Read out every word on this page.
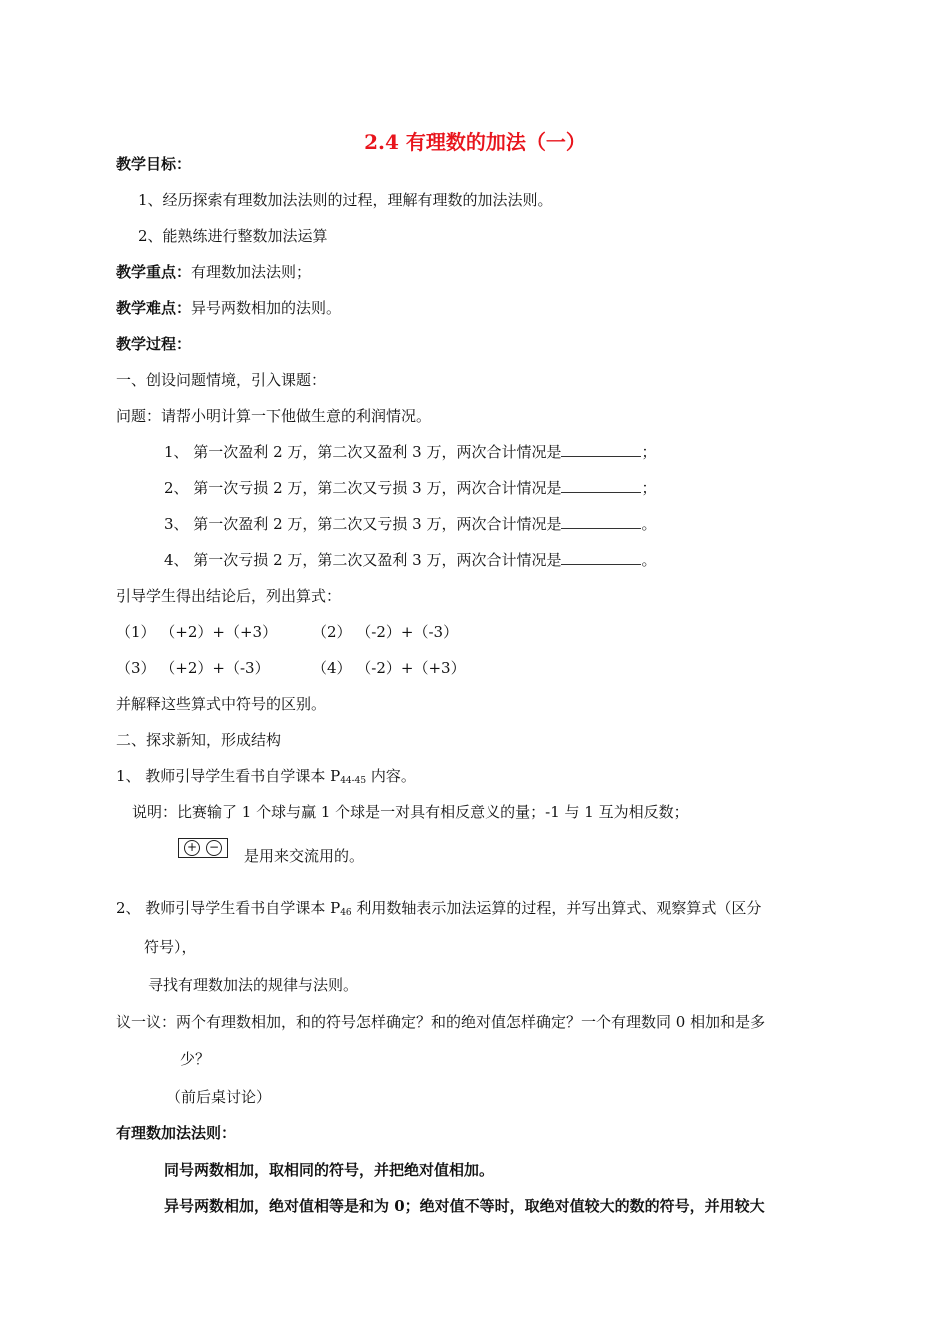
2.4 有理数的加法（一）
教学目标：
1、经历探索有理数加法法则的过程，理解有理数的加法法则。
2、能熟练进行整数加法运算
教学重点：有理数加法法则；
教学难点：异号两数相加的法则。
教学过程：
一、创设问题情境，引入课题：
问题：请帮小明计算一下他做生意的利润情况。
1、 第一次盈利 2 万，第二次又盈利 3 万，两次合计情况是	；
2、 第一次亏损 2 万，第二次又亏损 3 万，两次合计情况是	；
3、 第一次盈利 2 万，第二次又亏损 3 万，两次合计情况是	。
4、 第一次亏损 2 万，第二次又盈利 3 万，两次合计情况是	。
引导学生得出结论后，列出算式：
（1） （+2）+（+3） （2） （-2）+（-3）
（3） （+2）+（-3）	（4） （-2）+（+3）
并解释这些算式中符号的区别。
二、探求新知，形成结构
1、 教师引导学生看书自学课本 $P_{44-45}$ 内容。
说明：比赛输了 1 个球与赢 1 个球是一对具有相反意义的量；-1 与 1 互为相反数；
+ − 是用来交流用的。
2、 教师引导学生看书自学课本 $P_{46}$ 利用数轴表示加法运算的过程，并写出算式、观察算式（区分
符号），
寻找有理数加法的规律与法则。
议一议：两个有理数相加，和的符号怎样确定？和的绝对值怎样确定？一个有理数同 0 相加和是多
少？
（前后桌讨论）
有理数加法法则：
同号两数相加，取相同的符号，并把绝对值相加。
异号两数相加，绝对值相等是和为 0；绝对值不等时，取绝对值较大的数的符号，并用较大
